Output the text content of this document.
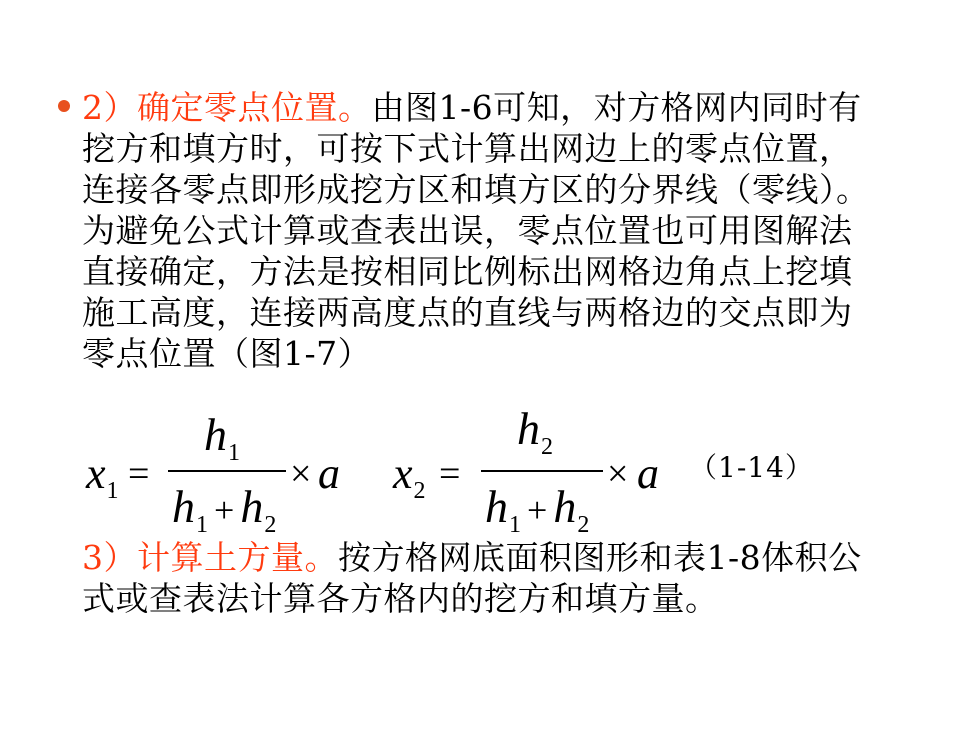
2）确定零点位置。由图1-6可知，对方格网内同时有挖方和填方时，可按下式计算出网边上的零点位置，连接各零点即形成挖方区和填方区的分界线（零线）。为避免公式计算或查表出误，零点位置也可用图解法直接确定，方法是按相同比例标出网格边角点上挖填施工高度，连接两高度点的直线与两格边的交点即为零点位置（图1-7）
$x_1$ =
$h_1$
$h_1 + h_2$
× a $x_2$ =
$h_2$
$h_1 + h_2$
× a （1-14）
3）计算土方量。按方格网底面积图形和表1-8体积公式或查表法计算各方格内的挖方和填方量。
